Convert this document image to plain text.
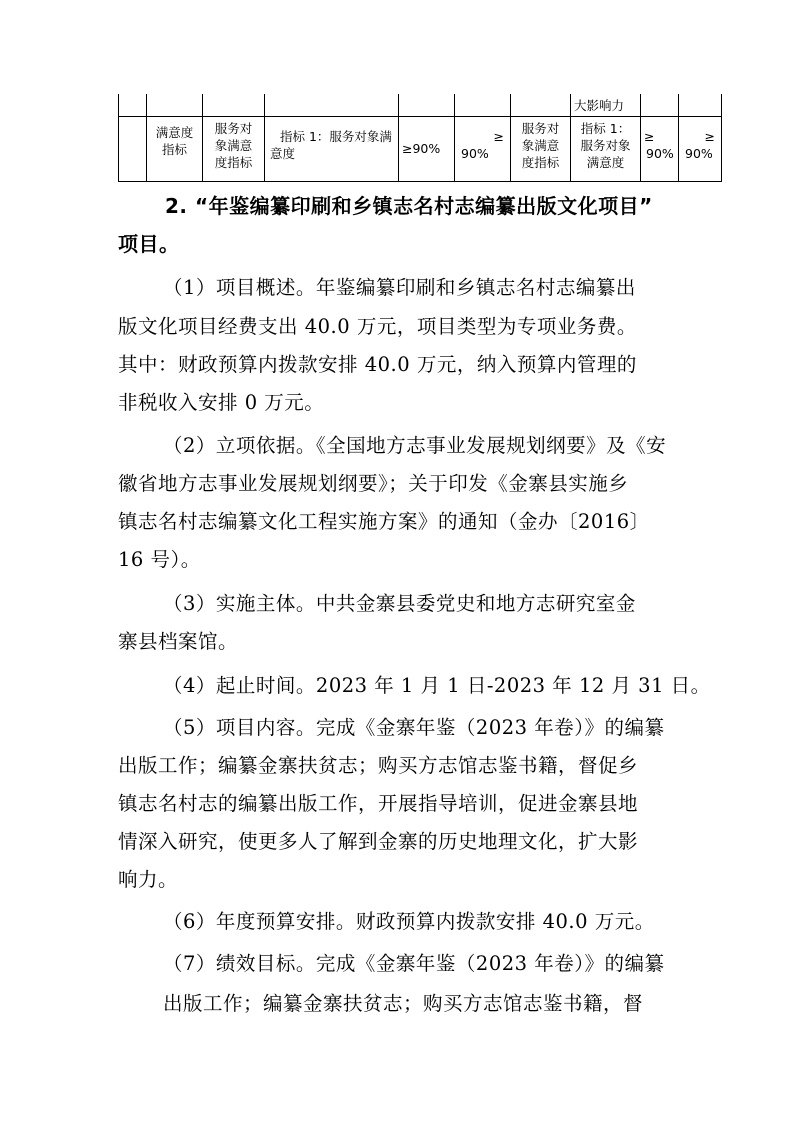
大影响力
满意度
指标
服务对
象满意
度指标
指标 1：服务对象满
意度	≥90%
≥
90%
服务对
象满意
度指标
指标 1：
服务对象
满意度
≥
90%
≥
90%
2. “年鉴编纂印刷和乡镇志名村志编纂出版文化项目”
项目。
（1）项目概述。年鉴编纂印刷和乡镇志名村志编纂出
版文化项目经费支出 40.0 万元，项目类型为专项业务费。
其中：财政预算内拨款安排 40.0 万元，纳入预算内管理的
非税收入安排 0 万元。
（2）立项依据。《全国地方志事业发展规划纲要》及《安
徽省地方志事业发展规划纲要》；关于印发《金寨县实施乡
镇志名村志编纂文化工程实施方案》的通知（金办〔2016〕
16 号）。
（3）实施主体。中共金寨县委党史和地方志研究室金
寨县档案馆。
（4）起止时间。2023 年 1 月 1 日-2023 年 12 月 31 日。
（5）项目内容。完成《金寨年鉴（2023 年卷）》的编纂
出版工作；编纂金寨扶贫志；购买方志馆志鉴书籍，督促乡
镇志名村志的编纂出版工作，开展指导培训，促进金寨县地
情深入研究，使更多人了解到金寨的历史地理文化，扩大影
响力。
（6）年度预算安排。财政预算内拨款安排 40.0 万元。
（7）绩效目标。完成《金寨年鉴（2023 年卷）》的编纂
出版工作；编纂金寨扶贫志；购买方志馆志鉴书籍，督
